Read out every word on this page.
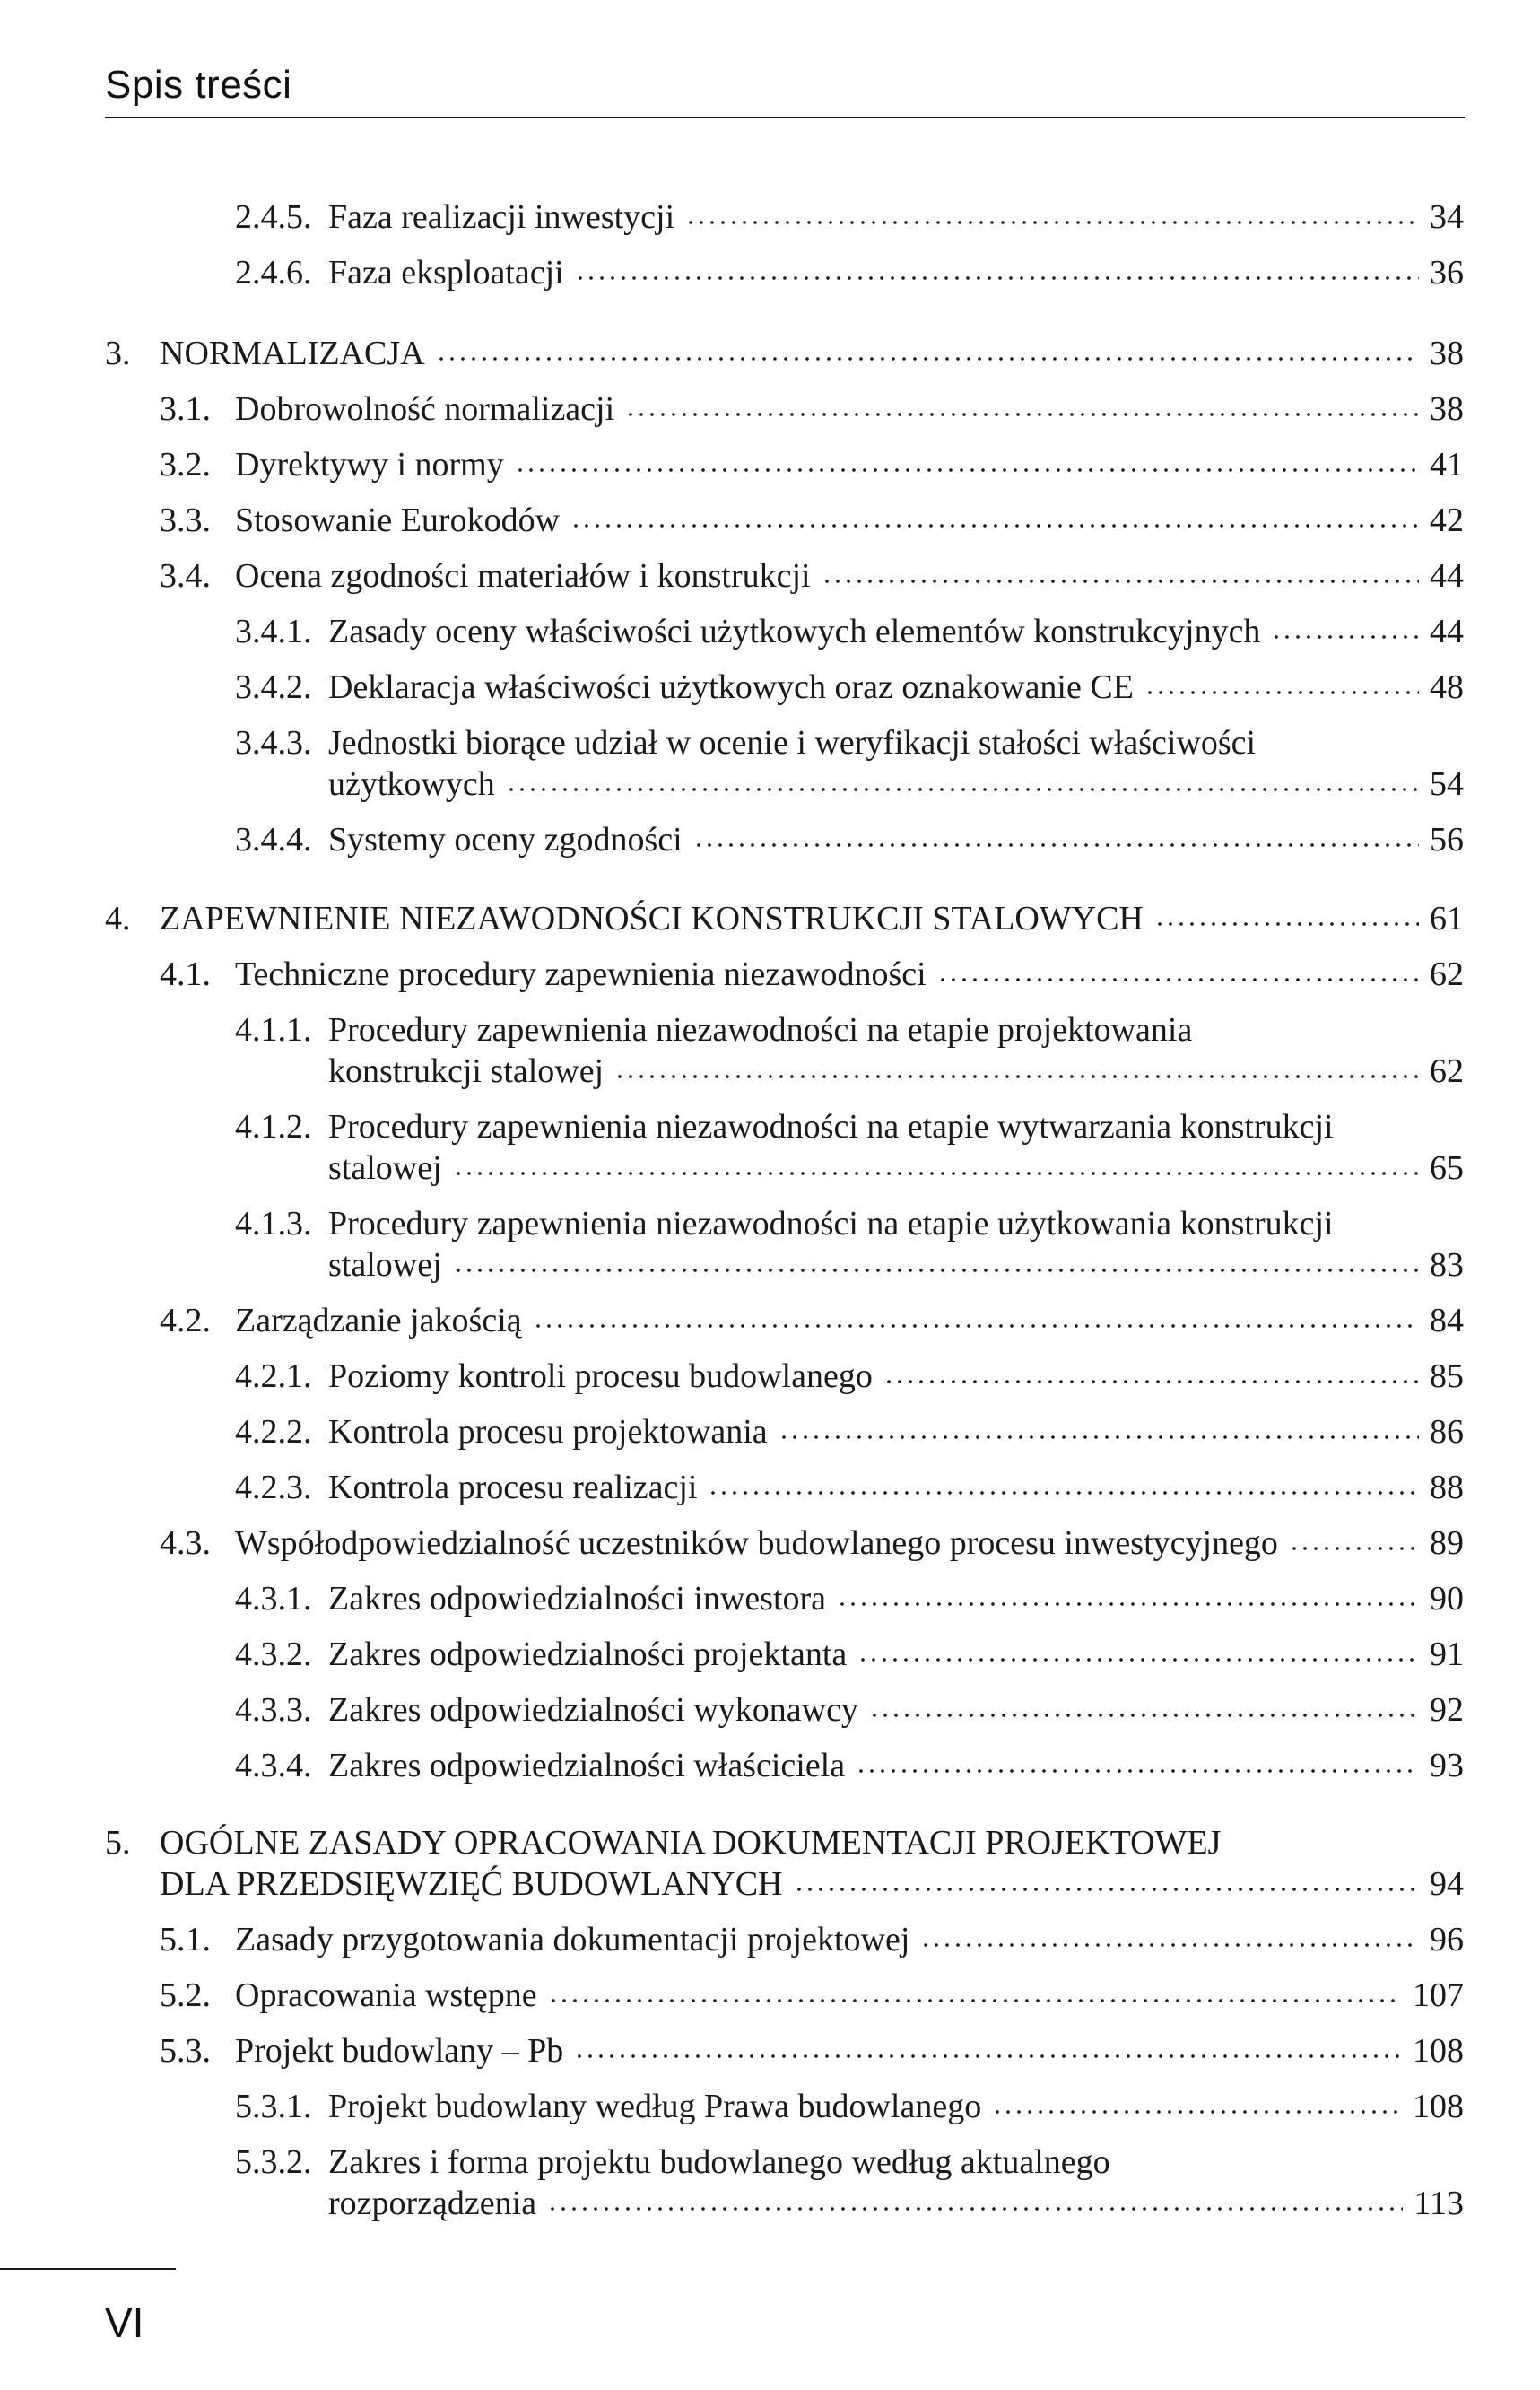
Spis treści
2.4.5. Faza realizacji inwestycji	34
2.4.6. Faza eksploatacji	36
3. NORMALIZACJA	38
3.1. Dobrowolność normalizacji	38
3.2. Dyrektywy i normy	41
3.3. Stosowanie Eurokodów	42
3.4. Ocena zgodności materiałów i konstrukcji	44
3.4.1. Zasady oceny właściwości użytkowych elementów konstrukcyjnych	44
3.4.2. Deklaracja właściwości użytkowych oraz oznakowanie CE	48
3.4.3. Jednostki biorące udział w ocenie i weryfikacji stałości właściwości
użytkowych	54
3.4.4. Systemy oceny zgodności	56
4. ZAPEWNIENIE NIEZAWODNOŚCI KONSTRUKCJI STALOWYCH	61
4.1. Techniczne procedury zapewnienia niezawodności	62
4.1.1. Procedury zapewnienia niezawodności na etapie projektowania
konstrukcji stalowej	62
4.1.2. Procedury zapewnienia niezawodności na etapie wytwarzania konstrukcji
stalowej	65
4.1.3. Procedury zapewnienia niezawodności na etapie użytkowania konstrukcji
stalowej	83
4.2. Zarządzanie jakością	84
4.2.1. Poziomy kontroli procesu budowlanego	85
4.2.2. Kontrola procesu projektowania	86
4.2.3. Kontrola procesu realizacji	88
4.3. Współodpowiedzialność uczestników budowlanego procesu inwestycyjnego	89
4.3.1. Zakres odpowiedzialności inwestora	90
4.3.2. Zakres odpowiedzialności projektanta	91
4.3.3. Zakres odpowiedzialności wykonawcy	92
4.3.4. Zakres odpowiedzialności właściciela	93
5. OGÓLNE ZASADY OPRACOWANIA DOKUMENTACJI PROJEKTOWEJ
DLA PRZEDSIĘWZIĘĆ BUDOWLANYCH	94
5.1. Zasady przygotowania dokumentacji projektowej	96
5.2. Opracowania wstępne	107
5.3. Projekt budowlany – Pb	108
5.3.1. Projekt budowlany według Prawa budowlanego	108
5.3.2. Zakres i forma projektu budowlanego według aktualnego
rozporządzenia	113
VI
